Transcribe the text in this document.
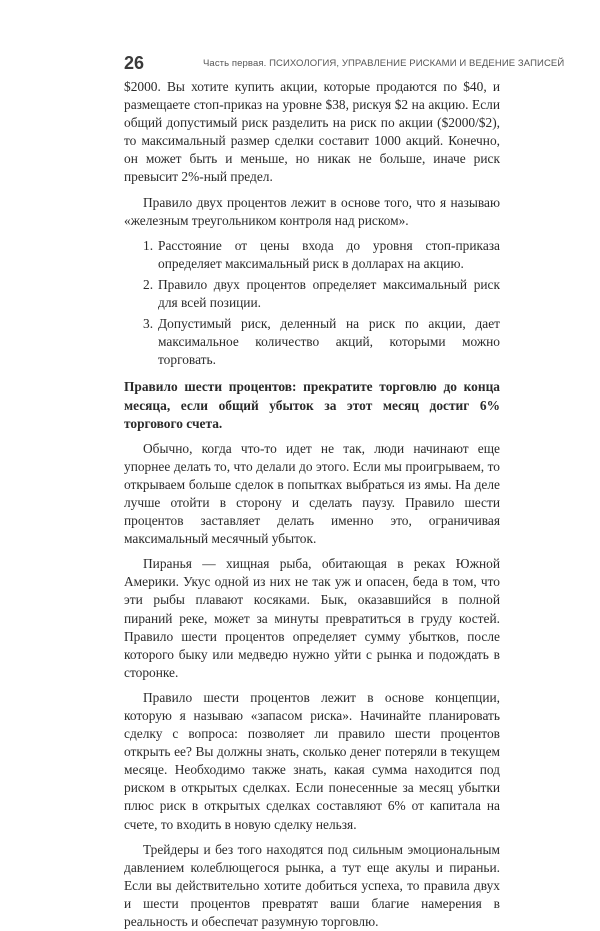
26	Часть первая. ПСИХОЛОГИЯ, УПРАВЛЕНИЕ РИСКАМИ И ВЕДЕНИЕ ЗАПИСЕЙ

$2000. Вы хотите купить акции, которые продаются по $40, и размещаете стоп-приказ на уровне $38, рискуя $2 на акцию. Если общий допустимый риск разделить на риск по акции ($2000/$2), то максимальный размер сделки составит 1000 акций. Конечно, он может быть и меньше, но никак не больше, иначе риск превысит 2%-ный предел.

Правило двух процентов лежит в основе того, что я называю «железным треугольником контроля над риском».

1. Расстояние от цены входа до уровня стоп-приказа определяет максимальный риск в долларах на акцию.
2. Правило двух процентов определяет максимальный риск для всей позиции.
3. Допустимый риск, деленный на риск по акции, дает максимальное количество акций, которыми можно торговать.

Правило шести процентов: прекратите торговлю до конца месяца, если общий убыток за этот месяц достиг 6% торгового счета.

Обычно, когда что-то идет не так, люди начинают еще упорнее делать то, что делали до этого. Если мы проигрываем, то открываем больше сделок в попытках выбраться из ямы. На деле лучше отойти в сторону и сделать паузу. Правило шести процентов заставляет делать именно это, ограничивая максимальный месячный убыток.

Пиранья — хищная рыба, обитающая в реках Южной Америки. Укус одной из них не так уж и опасен, беда в том, что эти рыбы плавают косяками. Бык, оказавшийся в полной пираний реке, может за минуты превратиться в груду костей. Правило шести процентов определяет сумму убытков, после которого быку или медведю нужно уйти с рынка и подождать в сторонке.

Правило шести процентов лежит в основе концепции, которую я называю «запасом риска». Начинайте планировать сделку с вопроса: позволяет ли правило шести процентов открыть ее? Вы должны знать, сколько денег потеряли в текущем месяце. Необходимо также знать, какая сумма находится под риском в открытых сделках. Если понесенные за месяц убытки плюс риск в открытых сделках составляют 6% от капитала на счете, то входить в новую сделку нельзя.

Трейдеры и без того находятся под сильным эмоциональным давлением колеблющегося рынка, а тут еще акулы и пираньи. Если вы действительно хотите добиться успеха, то правила двух и шести процентов превратят ваши благие намерения в реальность и обеспечат разумную торговлю.
